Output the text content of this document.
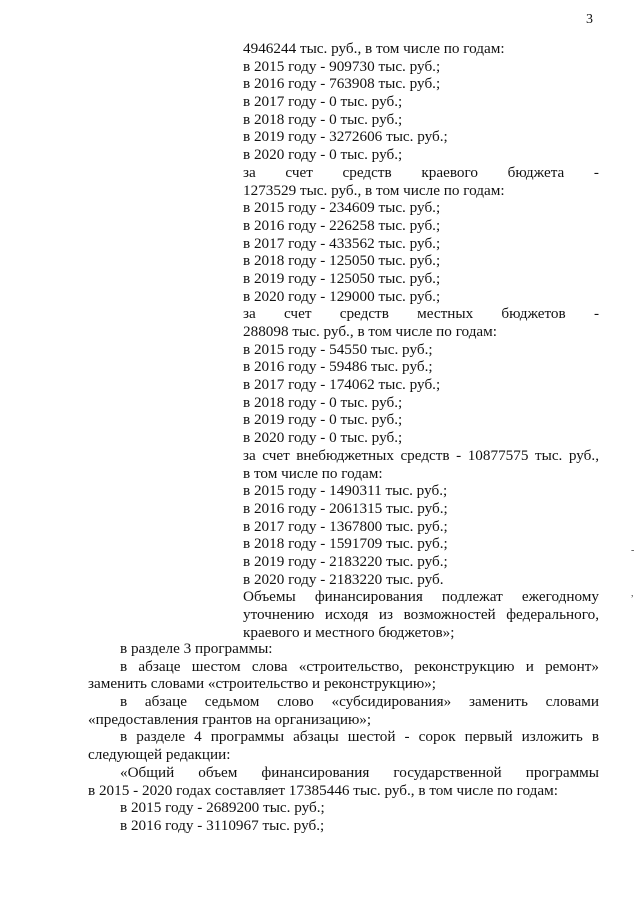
3
4946244 тыс. руб., в том числе по годам:
в 2015 году - 909730 тыс. руб.;
в 2016 году - 763908 тыс. руб.;
в 2017 году - 0 тыс. руб.;
в 2018 году - 0 тыс. руб.;
в 2019 году - 3272606 тыс. руб.;
в 2020 году - 0 тыс. руб.;
за счет средств краевого бюджета -
1273529 тыс. руб., в том числе по годам:
в 2015 году - 234609 тыс. руб.;
в 2016 году - 226258 тыс. руб.;
в 2017 году - 433562 тыс. руб.;
в 2018 году - 125050 тыс. руб.;
в 2019 году - 125050 тыс. руб.;
в 2020 году - 129000 тыс. руб.;
за счет средств местных бюджетов -
288098 тыс. руб., в том числе по годам:
в 2015 году - 54550 тыс. руб.;
в 2016 году - 59486 тыс. руб.;
в 2017 году - 174062 тыс. руб.;
в 2018 году - 0 тыс. руб.;
в 2019 году - 0 тыс. руб.;
в 2020 году - 0 тыс. руб.;
за счет внебюджетных средств - 10877575 тыс. руб.,
в том числе по годам:
в 2015 году - 1490311 тыс. руб.;
в 2016 году - 2061315 тыс. руб.;
в 2017 году - 1367800 тыс. руб.;
в 2018 году - 1591709 тыс. руб.;
в 2019 году - 2183220 тыс. руб.;
в 2020 году - 2183220 тыс. руб.
Объемы финансирования подлежат ежегодному
уточнению исходя из возможностей федерального,
краевого и местного бюджетов»;
в разделе 3 программы:
в абзаце шестом слова «строительство, реконструкцию и ремонт»
заменить словами «строительство и реконструкцию»;
в абзаце седьмом слово «субсидирования» заменить словами
«предоставления грантов на организацию»;
в разделе 4 программы абзацы шестой - сорок первый изложить в
следующей редакции:
«Общий объем финансирования государственной программы
в 2015 - 2020 годах составляет 17385446 тыс. руб., в том числе по годам:
в 2015 году - 2689200 тыс. руб.;
в 2016 году - 3110967 тыс. руб.;
‐
,
